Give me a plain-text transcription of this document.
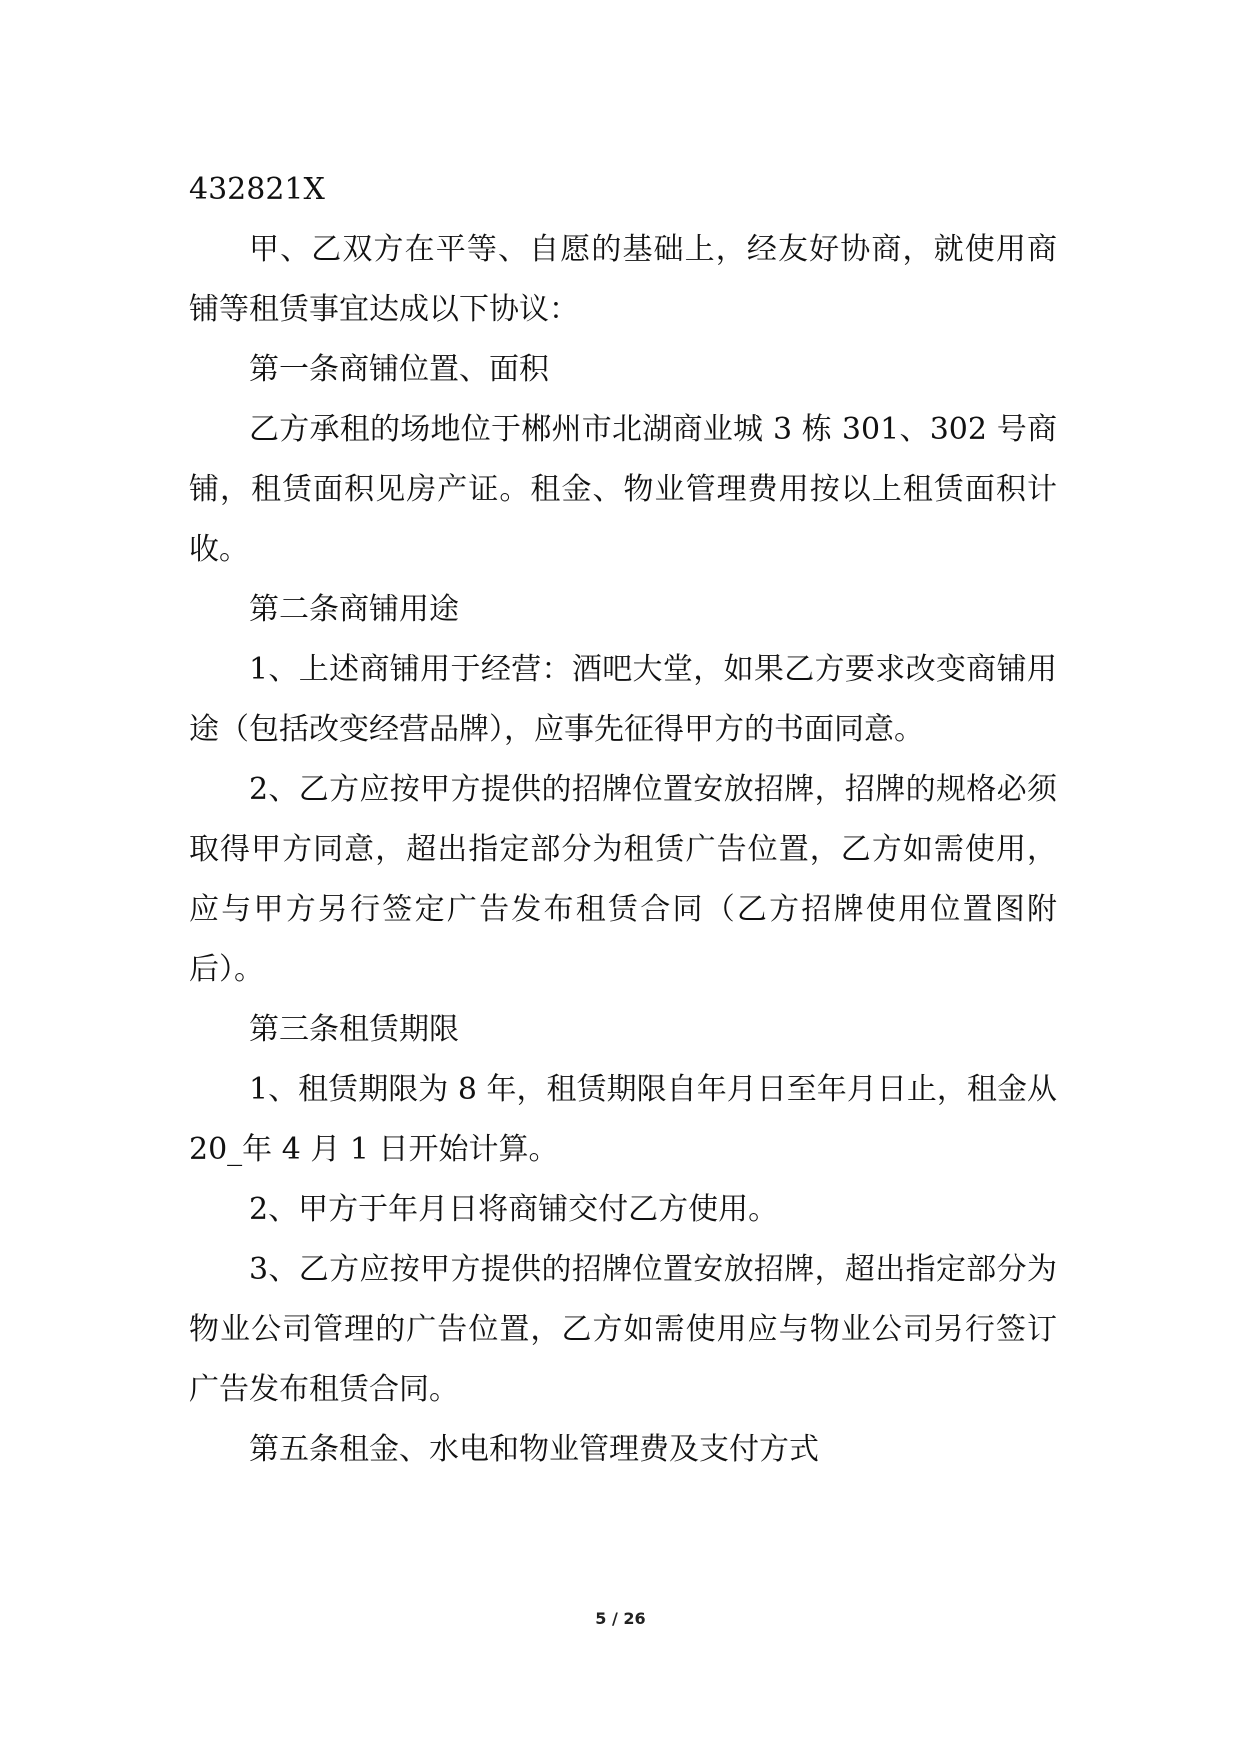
432821X

甲、乙双方在平等、自愿的基础上，经友好协商，就使用商铺等租赁事宜达成以下协议：

第一条商铺位置、面积

乙方承租的场地位于郴州市北湖商业城 3 栋 301、302 号商铺，租赁面积见房产证。租金、物业管理费用按以上租赁面积计收。

第二条商铺用途

1、上述商铺用于经营：酒吧大堂，如果乙方要求改变商铺用途（包括改变经营品牌），应事先征得甲方的书面同意。

2、乙方应按甲方提供的招牌位置安放招牌，招牌的规格必须取得甲方同意，超出指定部分为租赁广告位置，乙方如需使用，应与甲方另行签定广告发布租赁合同（乙方招牌使用位置图附后）。

第三条租赁期限

1、租赁期限为 8 年，租赁期限自年月日至年月日止，租金从 20_年 4 月 1 日开始计算。

2、甲方于年月日将商铺交付乙方使用。

3、乙方应按甲方提供的招牌位置安放招牌，超出指定部分为物业公司管理的广告位置，乙方如需使用应与物业公司另行签订广告发布租赁合同。

第五条租金、水电和物业管理费及支付方式

5 / 26
